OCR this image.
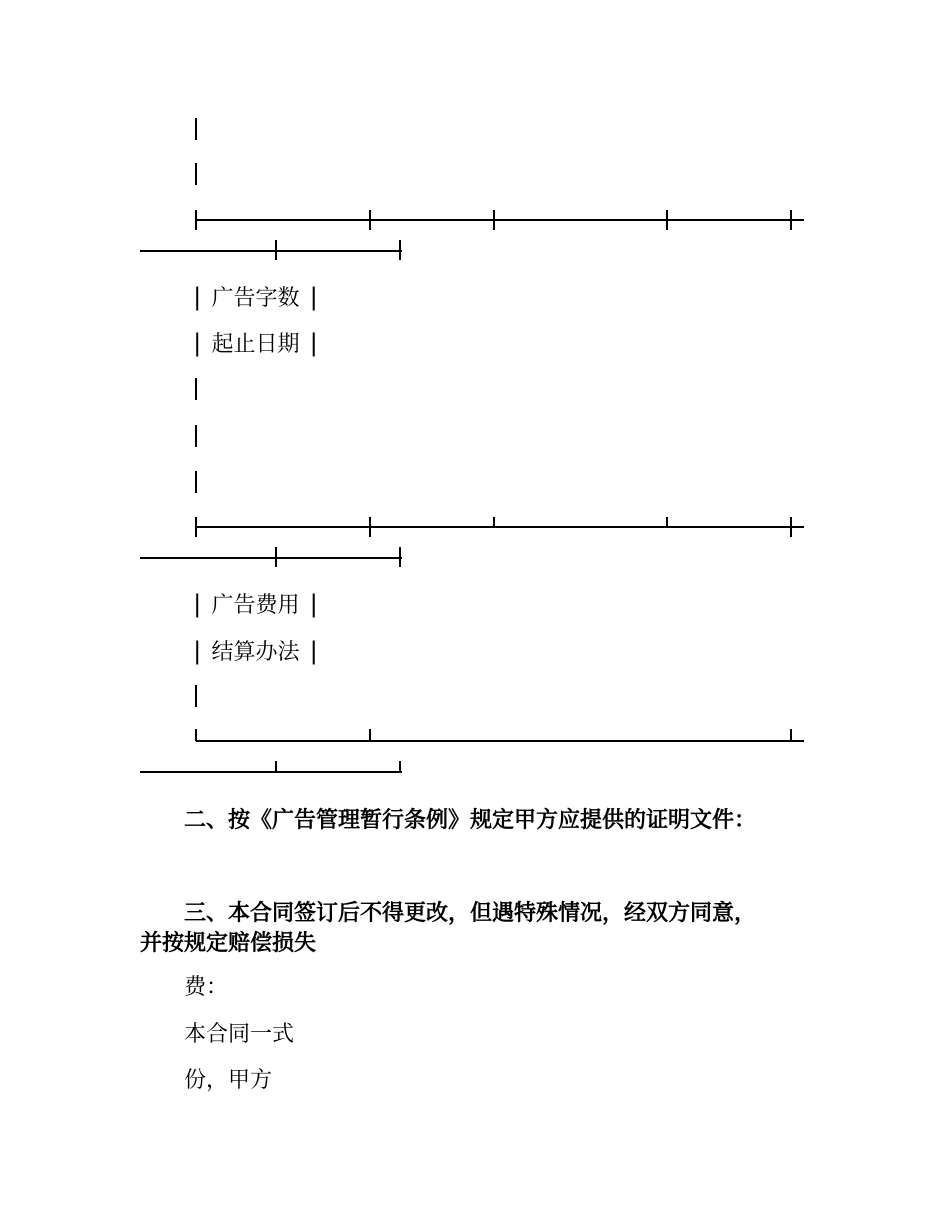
| 广告字数 |
| 起止日期 |
| 广告费用 |
| 结算办法 |
二、按《广告管理暂行条例》规定甲方应提供的证明文件：
三、本合同签订后不得更改，但遇特殊情况，经双方同意，
并按规定赔偿损失
费：
本合同一式
份，甲方
